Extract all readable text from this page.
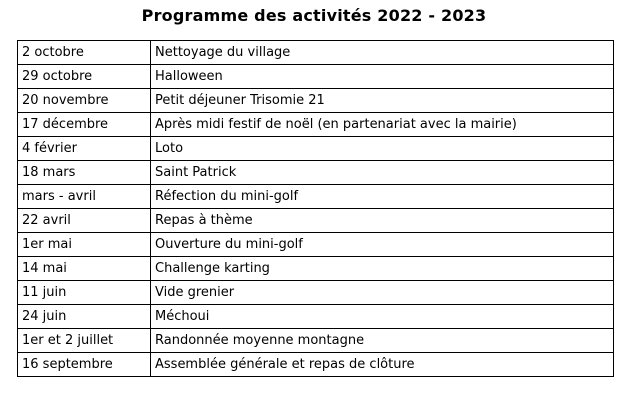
Programme des activités 2022 - 2023
2 octobre	Nettoyage du village
29 octobre	Halloween
20 novembre	Petit déjeuner Trisomie 21
17 décembre	Après midi festif de noël (en partenariat avec la mairie)
4 février	Loto
18 mars	Saint Patrick
mars - avril	Réfection du mini-golf
22 avril	Repas à thème
1er mai	Ouverture du mini-golf
14 mai	Challenge karting
11 juin	Vide grenier
24 juin	Méchoui
1er et 2 juillet	Randonnée moyenne montagne
16 septembre	Assemblée générale et repas de clôture
